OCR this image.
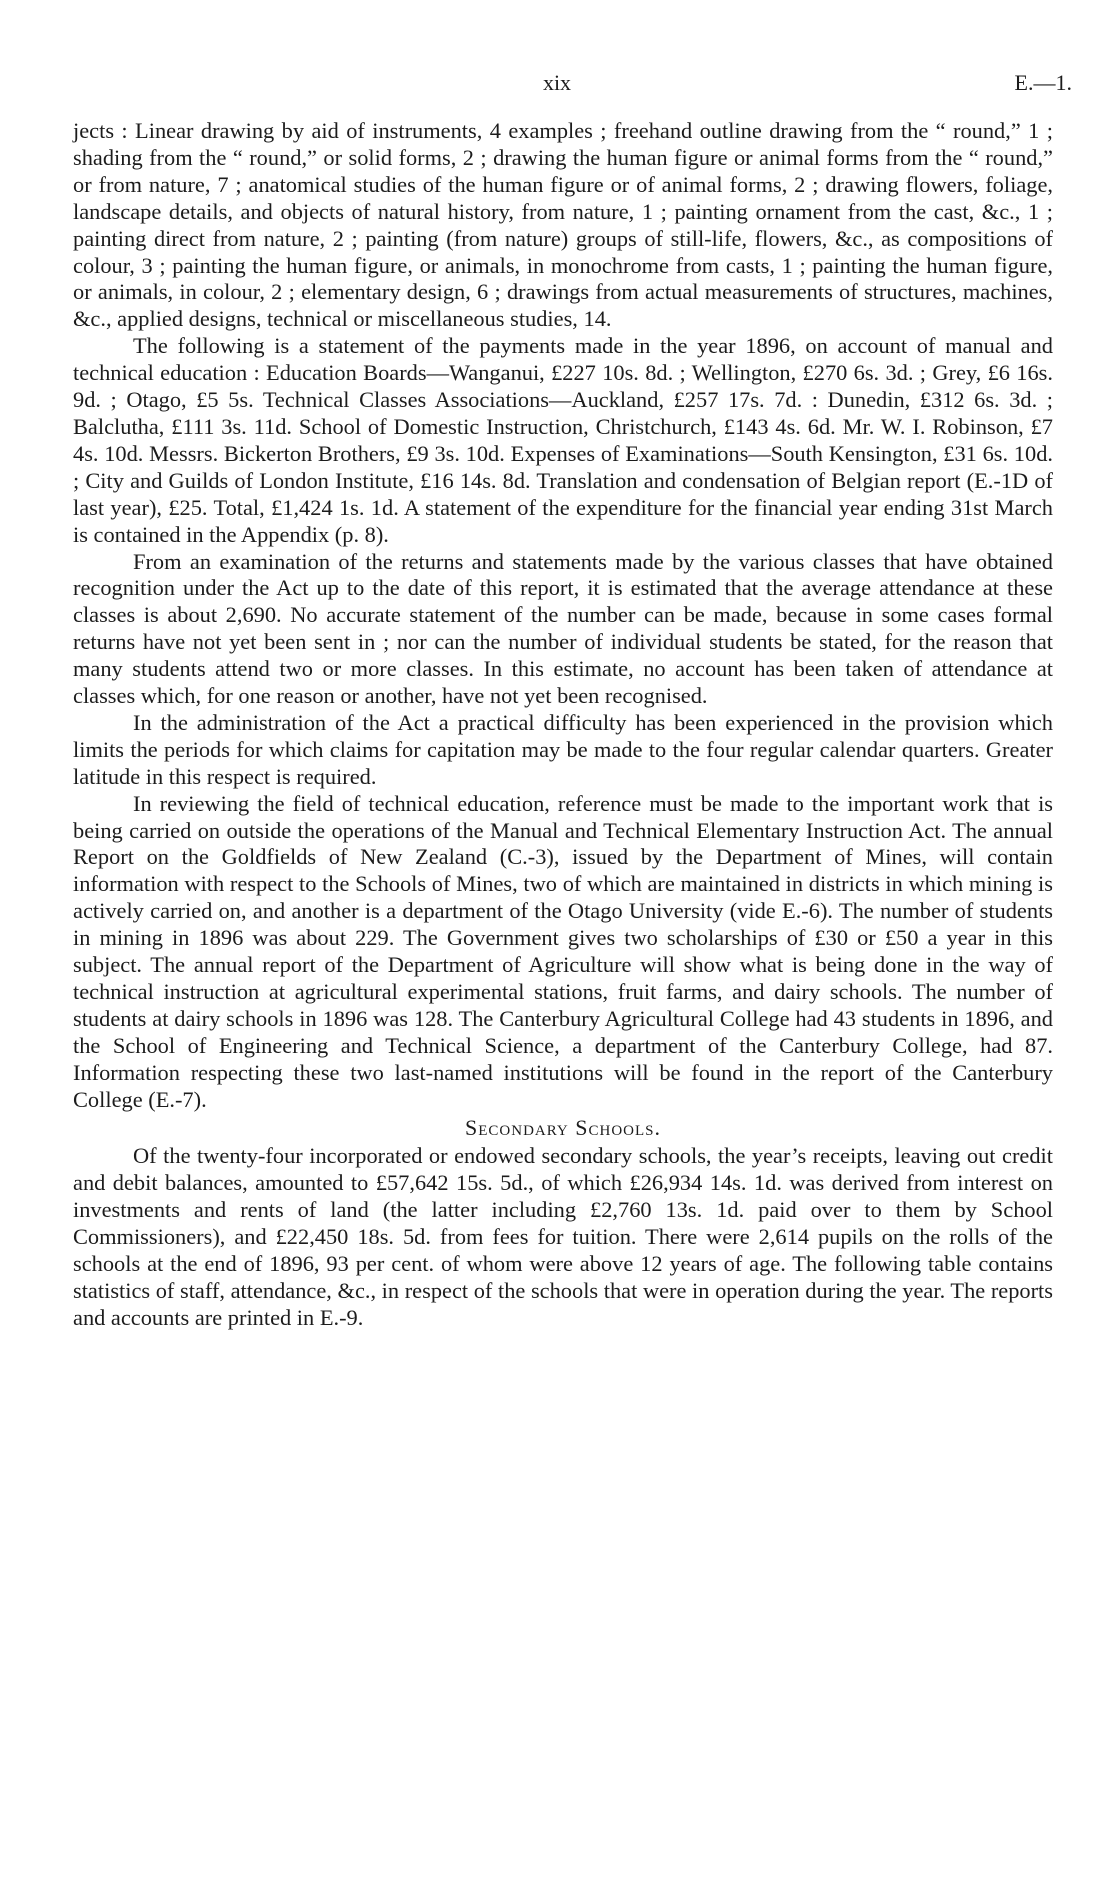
xix	E.—1.

jects : Linear drawing by aid of instruments, 4 examples ; freehand outline drawing from the “ round,” 1 ; shading from the “ round,” or solid forms, 2 ; drawing the human figure or animal forms from the “ round,” or from nature, 7 ; anatomical studies of the human figure or of animal forms, 2 ; drawing flowers, foliage, landscape details, and objects of natural history, from nature, 1 ; painting ornament from the cast, &c., 1 ; painting direct from nature, 2 ; painting (from nature) groups of still-life, flowers, &c., as compositions of colour, 3 ; painting the human figure, or animals, in monochrome from casts, 1 ; painting the human figure, or animals, in colour, 2 ; elementary design, 6 ; drawings from actual measurements of structures, machines, &c., applied designs, technical or miscellaneous studies, 14.

The following is a statement of the payments made in the year 1896, on account of manual and technical education : Education Boards—Wanganui, £227 10s. 8d. ; Wellington, £270 6s. 3d. ; Grey, £6 16s. 9d. ; Otago, £5 5s. Technical Classes Associations—Auckland, £257 17s. 7d. : Dunedin, £312 6s. 3d. ; Balclutha, £111 3s. 11d. School of Domestic Instruction, Christchurch, £143 4s. 6d. Mr. W. I. Robinson, £7 4s. 10d. Messrs. Bickerton Brothers, £9 3s. 10d. Expenses of Examinations—South Kensington, £31 6s. 10d. ; City and Guilds of London Institute, £16 14s. 8d. Translation and condensation of Belgian report (E.-1D of last year), £25. Total, £1,424 1s. 1d. A statement of the expenditure for the financial year ending 31st March is contained in the Appendix (p. 8).

From an examination of the returns and statements made by the various classes that have obtained recognition under the Act up to the date of this report, it is estimated that the average attendance at these classes is about 2,690. No accurate statement of the number can be made, because in some cases formal returns have not yet been sent in ; nor can the number of individual students be stated, for the reason that many students attend two or more classes. In this estimate, no account has been taken of attendance at classes which, for one reason or another, have not yet been recognised.

In the administration of the Act a practical difficulty has been experienced in the provision which limits the periods for which claims for capitation may be made to the four regular calendar quarters. Greater latitude in this respect is required.

In reviewing the field of technical education, reference must be made to the important work that is being carried on outside the operations of the Manual and Technical Elementary Instruction Act. The annual Report on the Goldfields of New Zealand (C.-3), issued by the Department of Mines, will contain information with respect to the Schools of Mines, two of which are maintained in districts in which mining is actively carried on, and another is a department of the Otago University (vide E.-6). The number of students in mining in 1896 was about 229. The Government gives two scholarships of £30 or £50 a year in this subject. The annual report of the Department of Agriculture will show what is being done in the way of technical instruction at agricultural experimental stations, fruit farms, and dairy schools. The number of students at dairy schools in 1896 was 128. The Canterbury Agricultural College had 43 students in 1896, and the School of Engineering and Technical Science, a department of the Canterbury College, had 87. Information respecting these two last-named institutions will be found in the report of the Canterbury College (E.-7).

Secondary Schools.

Of the twenty-four incorporated or endowed secondary schools, the year’s receipts, leaving out credit and debit balances, amounted to £57,642 15s. 5d., of which £26,934 14s. 1d. was derived from interest on investments and rents of land (the latter including £2,760 13s. 1d. paid over to them by School Commissioners), and £22,450 18s. 5d. from fees for tuition. There were 2,614 pupils on the rolls of the schools at the end of 1896, 93 per cent. of whom were above 12 years of age. The following table contains statistics of staff, attendance, &c., in respect of the schools that were in operation during the year. The reports and accounts are printed in E.-9.
